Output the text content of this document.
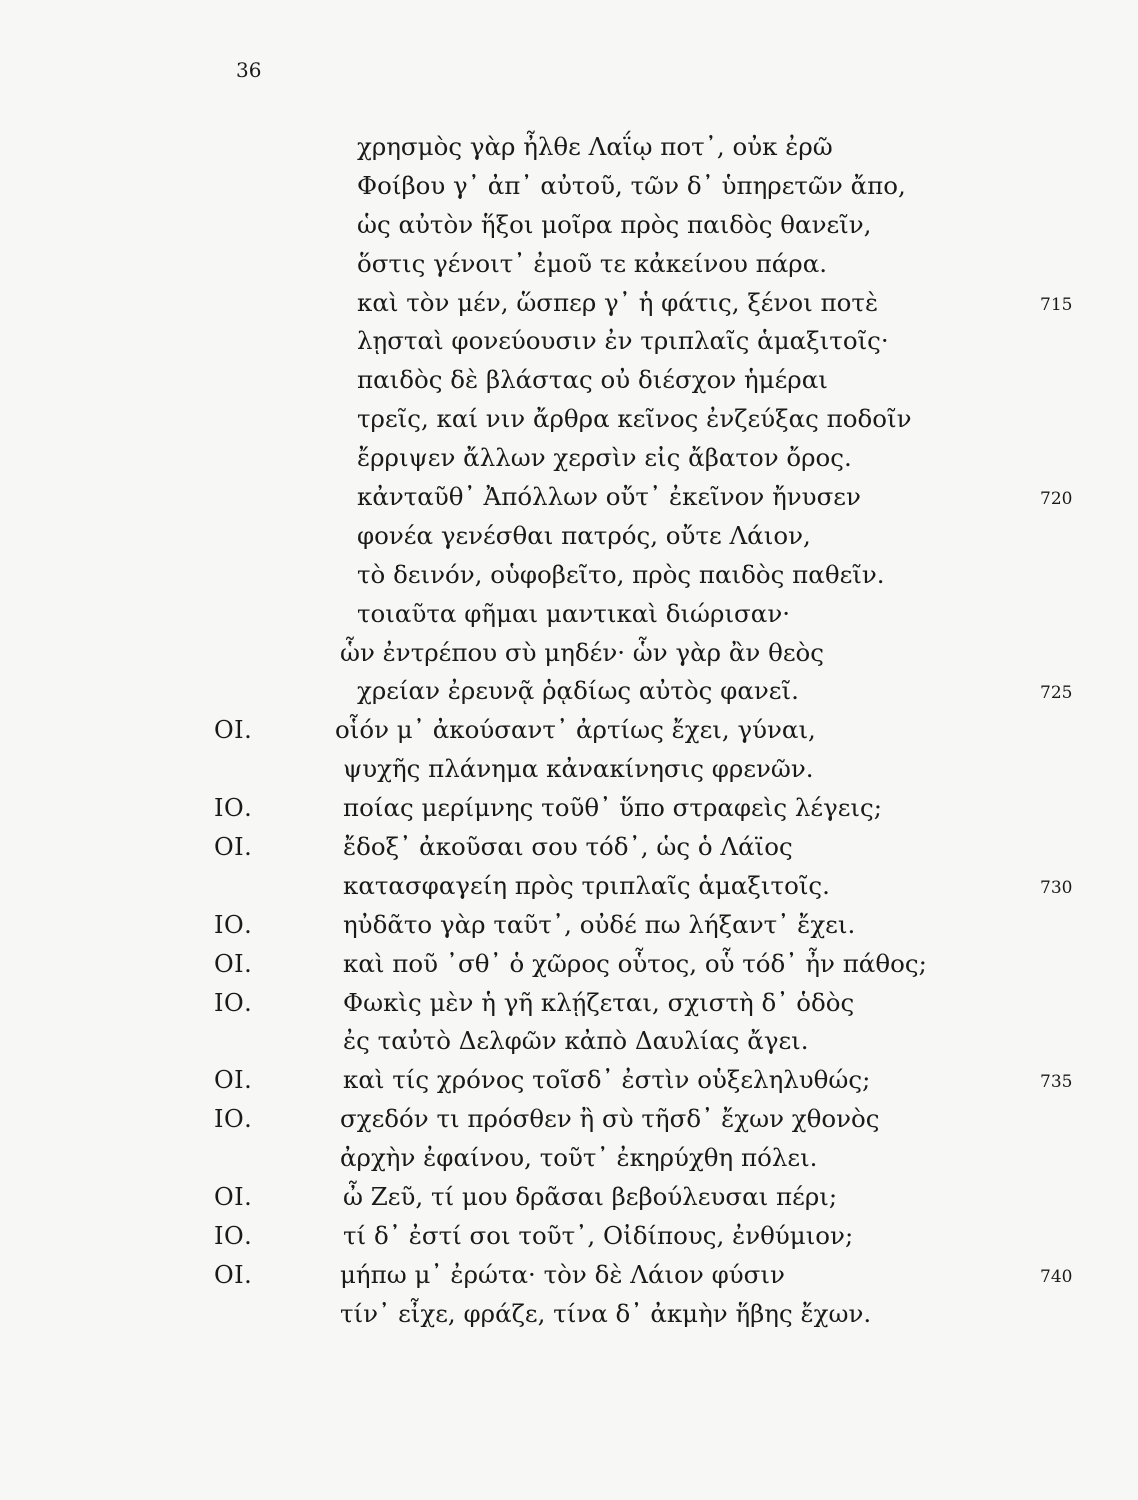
36
χρησμὸς γὰρ ἦλθε Λαΐῳ ποτ᾽, οὐκ ἐρῶ
Φοίβου γ᾽ ἀπ᾽ αὐτοῦ, τῶν δ᾽ ὑπηρετῶν ἄπο,
ὡς αὐτὸν ἥξοι μοῖρα πρὸς παιδὸς θανεῖν,
ὅστις γένοιτ᾽ ἐμοῦ τε κἀκείνου πάρα.
καὶ τὸν μέν, ὥσπερ γ᾽ ἡ φάτις, ξένοι ποτὲ	715
λῃσταὶ φονεύουσιν ἐν τριπλαῖς ἁμαξιτοῖς·
παιδὸς δὲ βλάστας οὐ διέσχον ἡμέραι
τρεῖς, καί νιν ἄρθρα κεῖνος ἐνζεύξας ποδοῖν
ἔρριψεν ἄλλων χερσὶν εἰς ἄβατον ὄρος.
κἀνταῦθ᾽ Ἀπόλλων οὔτ᾽ ἐκεῖνον ἤνυσεν	720
φονέα γενέσθαι πατρός, οὔτε Λάιον,
τὸ δεινόν, οὑφοβεῖτο, πρὸς παιδὸς παθεῖν.
τοιαῦτα φῆμαι μαντικαὶ διώρισαν·
ὧν ἐντρέπου σὺ μηδέν· ὧν γὰρ ἂν θεὸς
χρείαν ἐρευνᾷ ῥᾳδίως αὐτὸς φανεῖ.	725
ΟΙ.	οἷόν μ᾽ ἀκούσαντ᾽ ἀρτίως ἔχει, γύναι,
ψυχῆς πλάνημα κἀνακίνησις φρενῶν.
ΙΟ.	ποίας μερίμνης τοῦθ᾽ ὕπο στραφεὶς λέγεις;
ΟΙ.	ἔδοξ᾽ ἀκοῦσαι σου τόδ᾽, ὡς ὁ Λάϊος
κατασφαγείη πρὸς τριπλαῖς ἁμαξιτοῖς.	730
ΙΟ.	ηὐδᾶτο γὰρ ταῦτ᾽, οὐδέ πω λήξαντ᾽ ἔχει.
ΟΙ.	καὶ ποῦ ᾽σθ᾽ ὁ χῶρος οὗτος, οὗ τόδ᾽ ἦν πάθος;
ΙΟ.	Φωκὶς μὲν ἡ γῆ κλῄζεται, σχιστὴ δ᾽ ὁδὸς
ἐς ταὐτὸ Δελφῶν κἀπὸ Δαυλίας ἄγει.
ΟΙ.	καὶ τίς χρόνος τοῖσδ᾽ ἐστὶν οὑξεληλυθώς;	735
ΙΟ.	σχεδόν τι πρόσθεν ἢ σὺ τῆσδ᾽ ἔχων χθονὸς
ἀρχὴν ἐφαίνου, τοῦτ᾽ ἐκηρύχθη πόλει.
ΟΙ.	ὦ Ζεῦ, τί μου δρᾶσαι βεβούλευσαι πέρι;
ΙΟ.	τί δ᾽ ἐστί σοι τοῦτ᾽, Οἰδίπους, ἐνθύμιον;
ΟΙ.	μήπω μ᾽ ἐρώτα· τὸν δὲ Λάιον φύσιν	740
τίν᾽ εἶχε, φράζε, τίνα δ᾽ ἀκμὴν ἥβης ἔχων.
